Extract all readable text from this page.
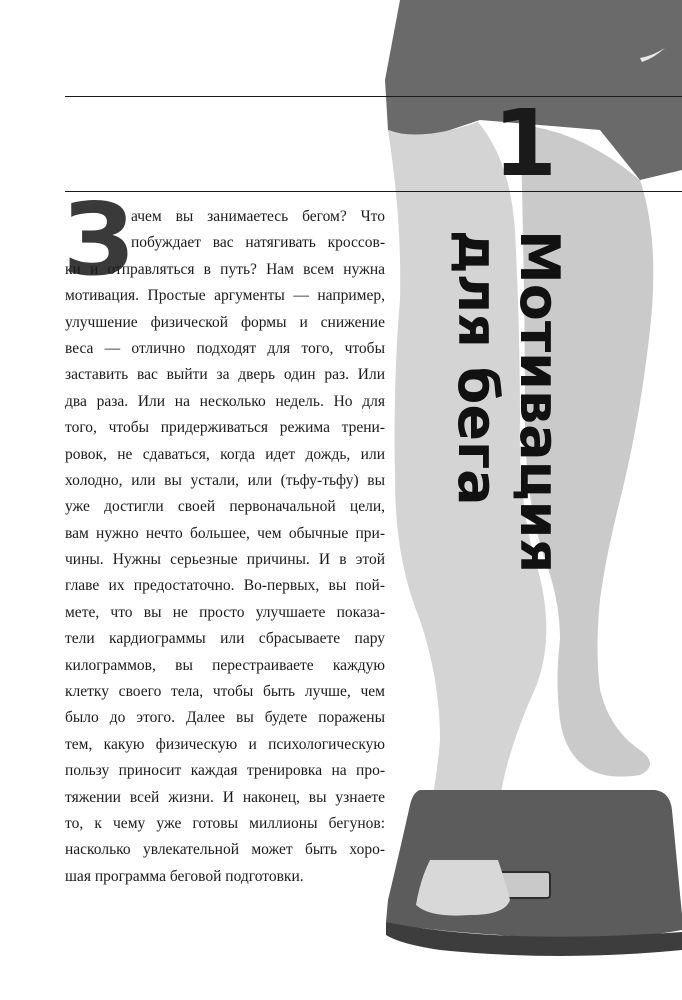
1
Мотивация
для бега
З
ачем вы занимаетесь бегом? Что
побуждает вас натягивать кроссов-
ки и отправляться в путь? Нам всем нужна
мотивация. Простые аргументы — например,
улучшение физической формы и снижение
веса — отлично подходят для того, чтобы
заставить вас выйти за дверь один раз. Или
два раза. Или на несколько недель. Но для
того, чтобы придерживаться режима трени-
ровок, не сдаваться, когда идет дождь, или
холодно, или вы устали, или (тьфу-тьфу) вы
уже достигли своей первоначальной цели,
вам нужно нечто большее, чем обычные при-
чины. Нужны серьезные причины. И в этой
главе их предостаточно. Во-первых, вы пой-
мете, что вы не просто улучшаете показа-
тели кардиограммы или сбрасываете пару
килограммов, вы перестраиваете каждую
клетку своего тела, чтобы быть лучше, чем
было до этого. Далее вы будете поражены
тем, какую физическую и психологическую
пользу приносит каждая тренировка на про-
тяжении всей жизни. И наконец, вы узнаете
то, к чему уже готовы миллионы бегунов:
насколько увлекательной может быть хоро-
шая программа беговой подготовки.
